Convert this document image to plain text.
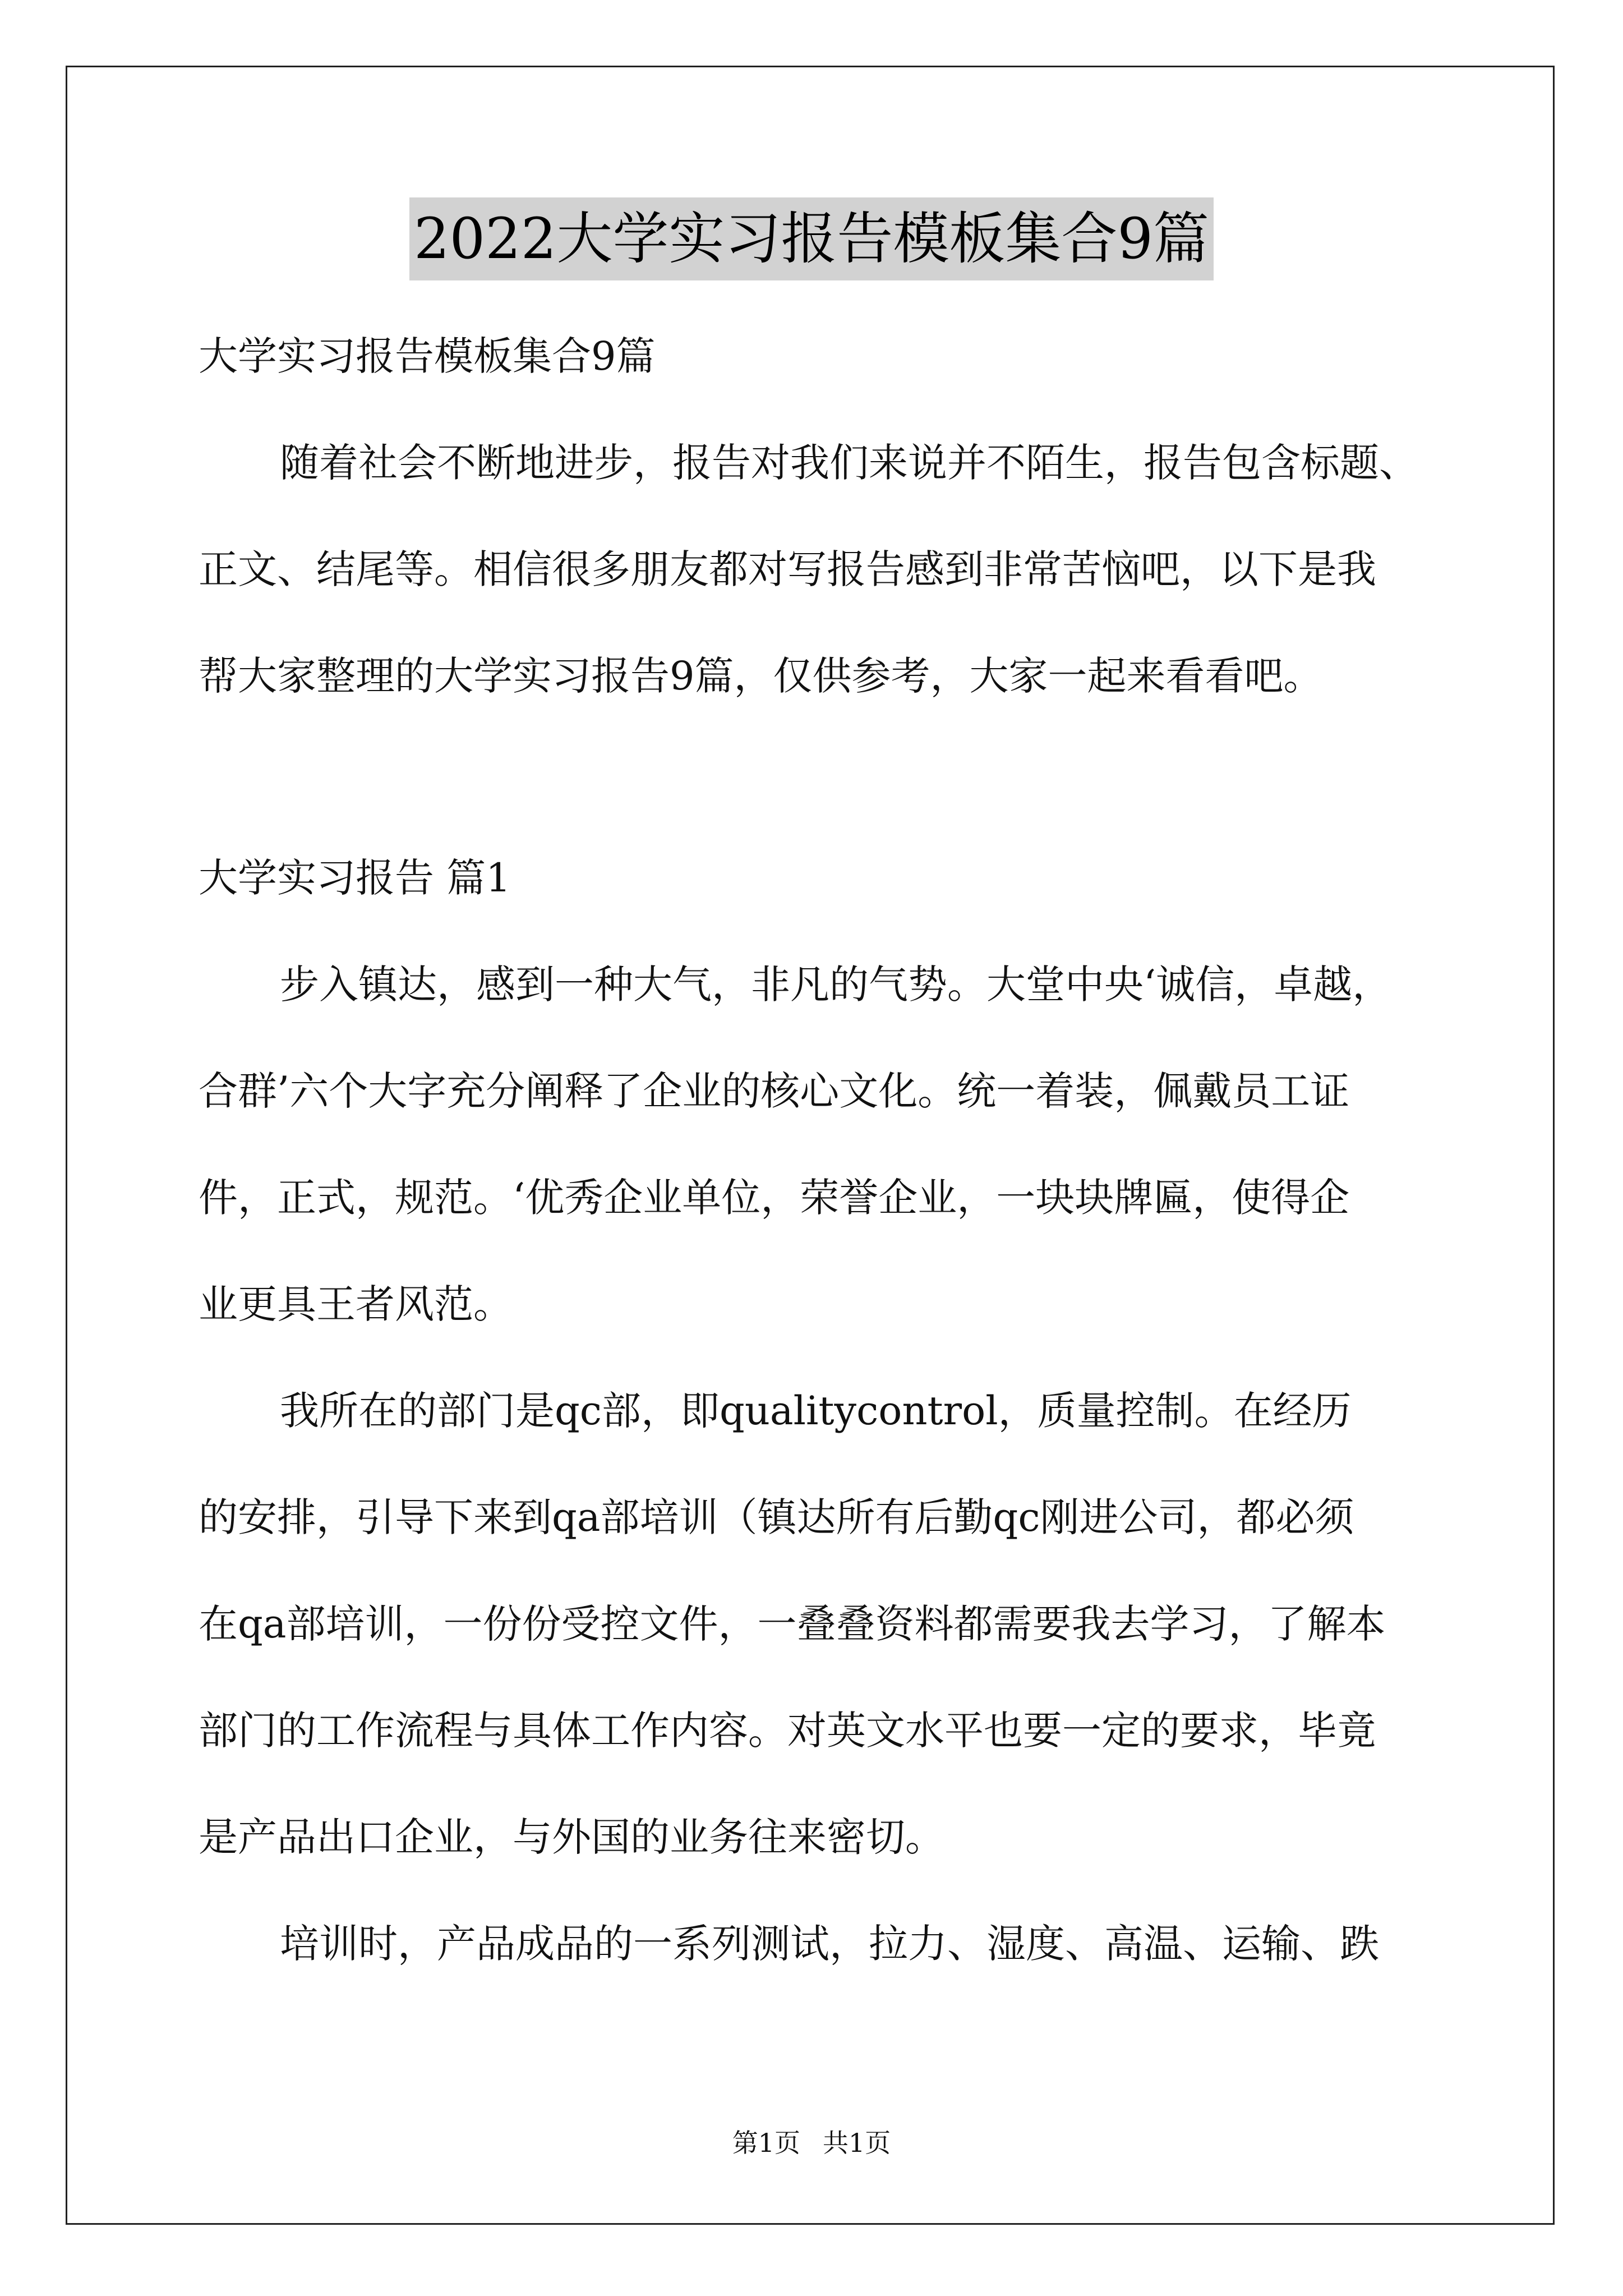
2022大学实习报告模板集合9篇

大学实习报告模板集合9篇

随着社会不断地进步，报告对我们来说并不陌生，报告包含标题、

正文、结尾等。相信很多朋友都对写报告感到非常苦恼吧，以下是我

帮大家整理的大学实习报告9篇，仅供参考，大家一起来看看吧。

大学实习报告 篇1

步入镇达，感到一种大气，非凡的气势。大堂中央‘诚信，卓越，

合群’六个大字充分阐释了企业的核心文化。统一着装，佩戴员工证

件，正式，规范。‘优秀企业单位，荣誉企业，一块块牌匾，使得企

业更具王者风范。

我所在的部门是qc部，即qualitycontrol，质量控制。在经历

的安排，引导下来到qa部培训（镇达所有后勤qc刚进公司，都必须

在qa部培训，一份份受控文件，一叠叠资料都需要我去学习，了解本

部门的工作流程与具体工作内容。对英文水平也要一定的要求，毕竟

是产品出口企业，与外国的业务往来密切。

培训时，产品成品的一系列测试，拉力、湿度、高温、运输、跌

第1页 共1页
